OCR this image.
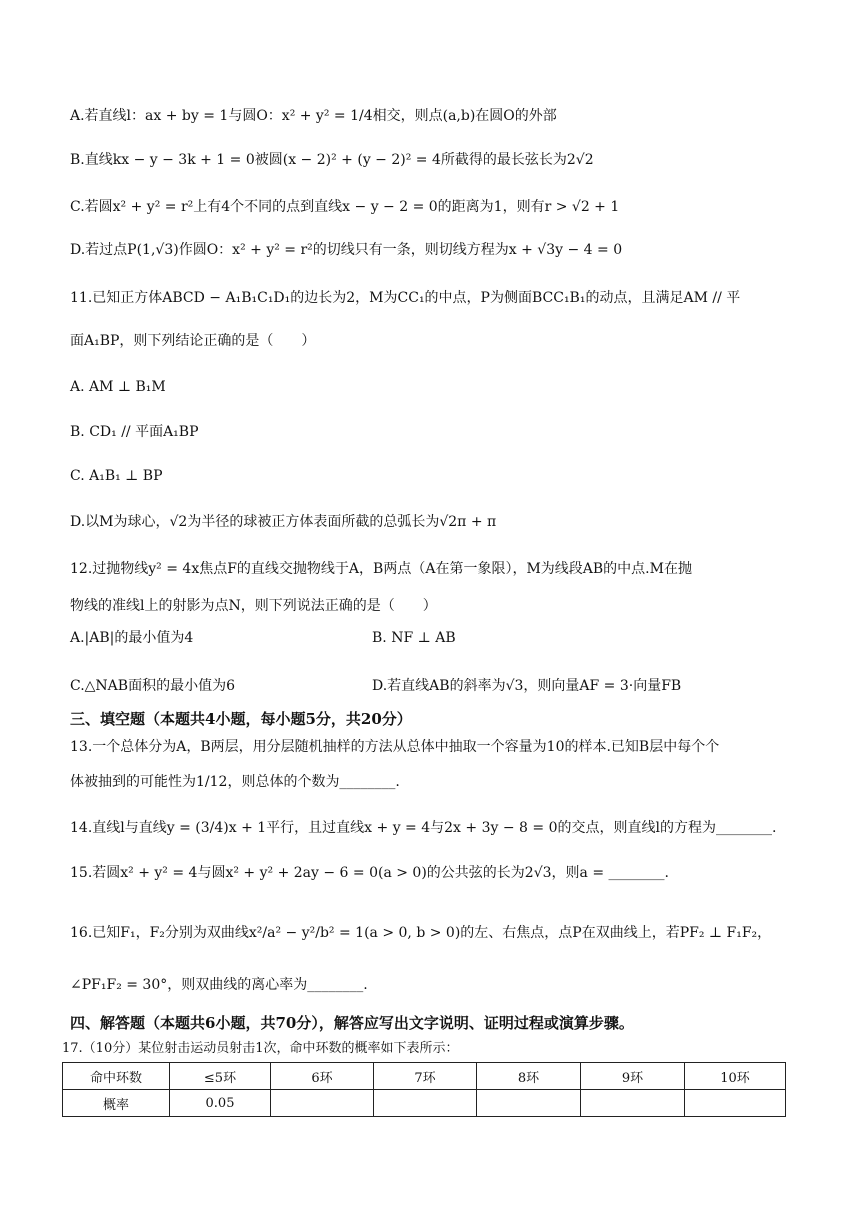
A.若直线l：ax + by = 1与圆O：x² + y² = 1/4相交，则点(a,b)在圆O的外部
B.直线kx − y − 3k + 1 = 0被圆(x − 2)² + (y − 2)² = 4所截得的最长弦长为2√2
C.若圆x² + y² = r²上有4个不同的点到直线x − y − 2 = 0的距离为1，则有r > √2 + 1
D.若过点P(1,√3)作圆O：x² + y² = r²的切线只有一条，则切线方程为x + √3y − 4 = 0
11.已知正方体ABCD − A₁B₁C₁D₁的边长为2，M为CC₁的中点，P为侧面BCC₁B₁的动点，且满足AM // 平
面A₁BP，则下列结论正确的是（　　）
A. AM ⊥ B₁M
B. CD₁ // 平面A₁BP
C. A₁B₁ ⊥ BP
D.以M为球心，√2为半径的球被正方体表面所截的总弧长为√2π + π
12.过抛物线y² = 4x焦点F的直线交抛物线于A，B两点（A在第一象限），M为线段AB的中点.M在抛
物线的准线l上的射影为点N，则下列说法正确的是（　　）
A.|AB|的最小值为4	B. NF ⊥ AB
C.△NAB面积的最小值为6	D.若直线AB的斜率为√3，则向量AF = 3·向量FB
三、填空题（本题共4小题，每小题5分，共20分）
13.一个总体分为A，B两层，用分层随机抽样的方法从总体中抽取一个容量为10的样本.已知B层中每个个
体被抽到的可能性为1/12，则总体的个数为________.
14.直线l与直线y = (3/4)x + 1平行，且过直线x + y = 4与2x + 3y − 8 = 0的交点，则直线l的方程为________.
15.若圆x² + y² = 4与圆x² + y² + 2ay − 6 = 0(a > 0)的公共弦的长为2√3，则a = ________.
16.已知F₁，F₂分别为双曲线x²/a² − y²/b² = 1(a > 0, b > 0)的左、右焦点，点P在双曲线上，若PF₂ ⊥ F₁F₂，
∠PF₁F₂ = 30°，则双曲线的离心率为________.
四、解答题（本题共6小题，共70分），解答应写出文字说明、证明过程或演算步骤。
17.（10分）某位射击运动员射击1次，命中环数的概率如下表所示：
命中环数	≤5环	6环	7环	8环	9环	10环
概率	0.05					
